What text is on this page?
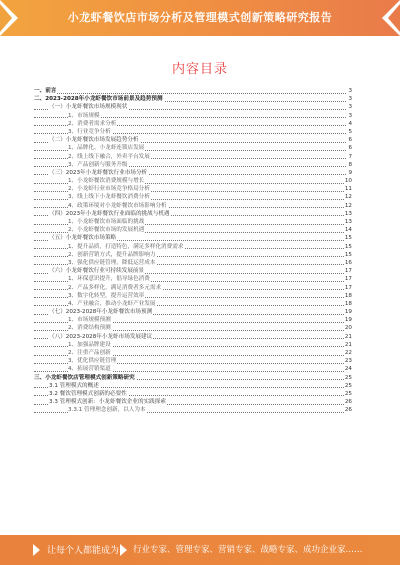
小龙虾餐饮店市场分析及管理模式创新策略研究报告
内容目录
一、前言	3
二、2023-2028年小龙虾餐饮市场前景及趋势预测	3
（一）小龙虾餐饮市场规模现状	3
1、市场规模	3
2、消费者需求分析	4
3、行业竞争分析	5
（二）小龙虾餐饮市场发展趋势分析	6
1、品牌化、小龙虾连锁店发展	6
2、线上线下融合，外卖平台发展	7
3、产品创新与服务升级	8
（三）2023年小龙虾餐饮行业市场分析	9
1、小龙虾餐饮消费规模与增长	10
2、小龙虾行业市场竞争格局分析	11
3、线上线下小龙虾餐饮消费分析	12
4、政策环境对小龙虾餐饮市场影响分析	12
（四）2023年小龙虾餐饮行业面临的挑战与机遇	13
1、小龙虾餐饮市场面临的挑战	13
2、小龙虾餐饮市场的发展机遇	14
（五）小龙虾餐饮市场策略	15
1、提升品质，打造特色，满足多样化消费需求	15
2、创新营销方式，提升品牌影响力	15
3、强化供应链管理，降低运营成本	16
（六）小龙虾餐饮行业可持续发展前景	17
1、环保意识提升，倡导绿色消费	17
2、产品多样化，满足消费者多元需求	17
3、数字化转型，提升运营效率	18
4、产业融合，推动小龙虾产业发展	18
（七）2023-2028年小龙虾餐饮市场预测	19
1、市场规模预测	19
2、消费结构预测	20
（八）2023-2028年小龙虾市场发展建议	21
1、加强品牌建设	21
2、注重产品创新	22
3、优化供应链管理	23
4、拓展营销渠道	24
三、小龙虾餐饮店管理模式创新策略研究	25
3.1 管理模式的概述	25
3.2 餐饮管理模式创新的必要性	25
3.3 管理模式创新：小龙虾餐饮企业的实践探索	26
3.3.1 管理理念创新，以人为本	26
让每个人都能成为 行业专家、管理专家、营销专家、战略专家、成功企业家……
